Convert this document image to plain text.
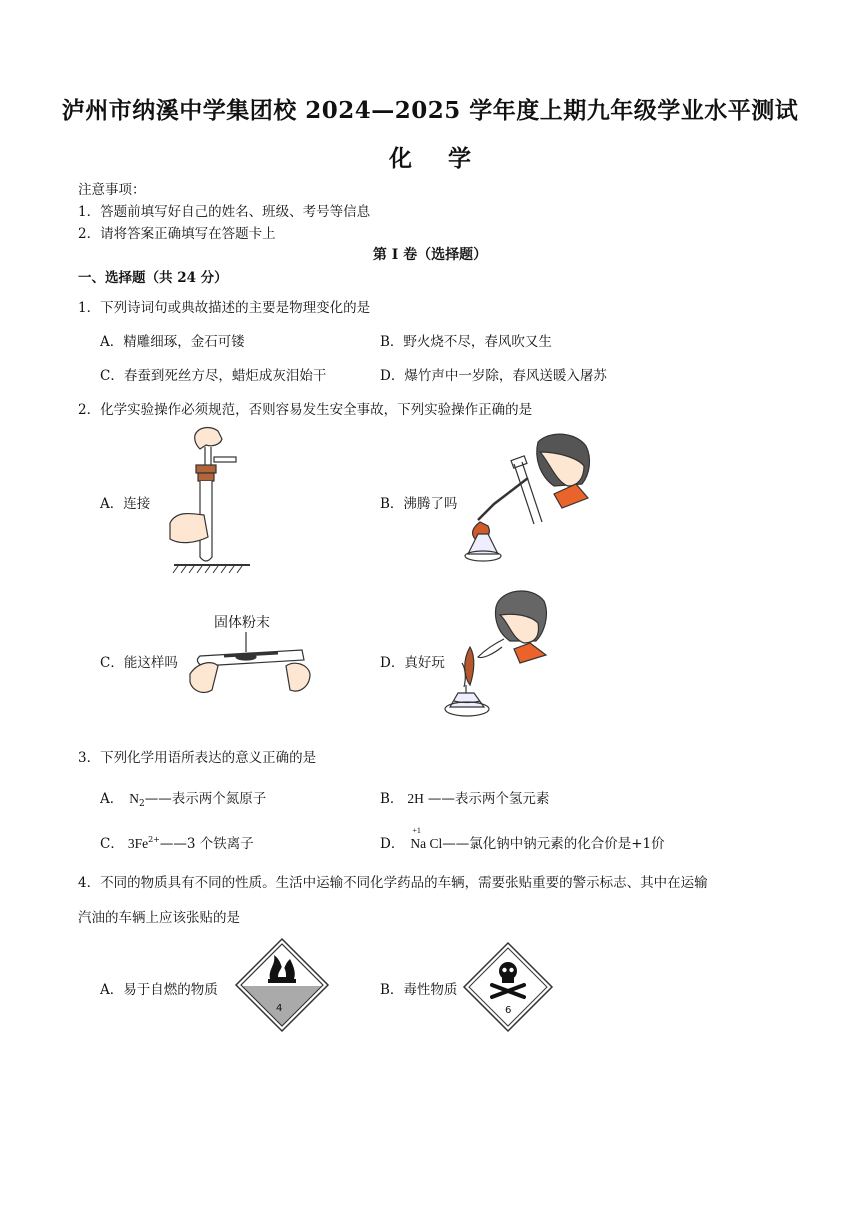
泸州市纳溪中学集团校 2024—2025 学年度上期九年级学业水平测试
化 学
注意事项：
1．答题前填写好自己的姓名、班级、考号等信息
2．请将答案正确填写在答题卡上
第 I 卷（选择题）
一、选择题（共 24 分）
1．下列诗词句或典故描述的主要是物理变化的是
A．精雕细琢，金石可镂	B．野火烧不尽，春风吹又生
C．春蚕到死丝方尽，蜡炬成灰泪始干	D．爆竹声中一岁除，春风送暖入屠苏
2．化学实验操作必须规范，否则容易发生安全事故，下列实验操作正确的是
A．连接	B．沸腾了吗
C．能这样吗	D．真好玩
固体粉末
3．下列化学用语所表达的意义正确的是
A． $N_2——$表示两个氮原子	B． 2H ——表示两个氢元素
C． $3Fe^{2+}——3$ 个铁离子	D．
+1
Na Cl——氯化钠中钠元素的化合价是+1价
4．不同的物质具有不同的性质。生活中运输不同化学药品的车辆，需要张贴重要的警示标志、其中在运输
汽油的车辆上应该张贴的是
A．易于自燃的物质	B．毒性物质
4	6
